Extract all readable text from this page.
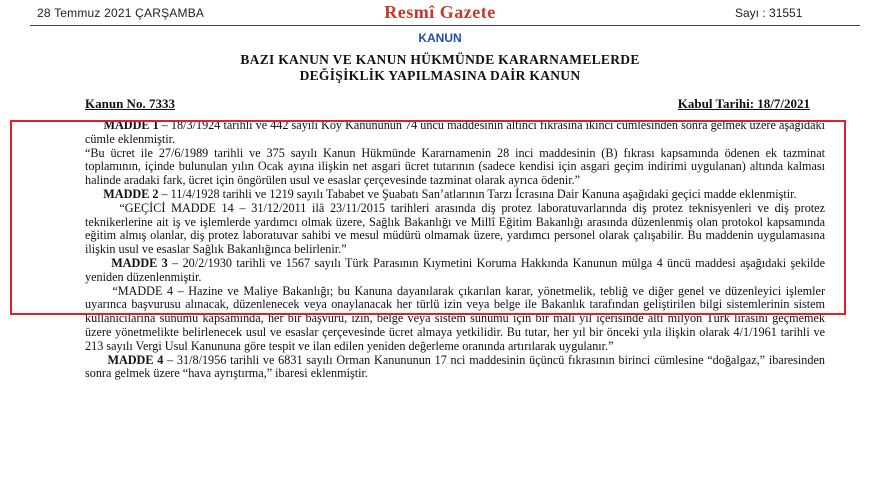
28 Temmuz 2021 ÇARŞAMBA	Resmî Gazete	Sayı : 31551
KANUN
BAZI KANUN VE KANUN HÜKMÜNDE KARARNAMELERDE
DEĞİŞİKLİK YAPILMASINA DAİR KANUN
Kanun No. 7333	Kabul Tarihi: 18/7/2021

MADDE 1 – 18/3/1924 tarihli ve 442 sayılı Köy Kanununun 74 üncü maddesinin altıncı fıkrasına ikinci cümlesinden sonra gelmek üzere aşağıdaki cümle eklenmiştir.

“Bu ücret ile 27/6/1989 tarihli ve 375 sayılı Kanun Hükmünde Kararnamenin 28 inci maddesinin (B) fıkrası kapsamında ödenen ek tazminat toplamının, içinde bulunulan yılın Ocak ayına ilişkin net asgari ücret tutarının (sadece kendisi için asgari geçim indirimi uygulanan) altında kalması halinde aradaki fark, ücret için öngörülen usul ve esaslar çerçevesinde tazminat olarak ayrıca ödenir.”

MADDE 2 – 11/4/1928 tarihli ve 1219 sayılı Tababet ve Şuabatı San’atlarının Tarzı İcrasına Dair Kanuna aşağıdaki geçici madde eklenmiştir.

“GEÇİCİ MADDE 14 – 31/12/2011 ilâ 23/11/2015 tarihleri arasında diş protez laboratuvarlarında diş protez teknisyenleri ve diş protez teknikerlerine ait iş ve işlemlerde yardımcı olmak üzere, Sağlık Bakanlığı ve Millî Eğitim Bakanlığı arasında düzenlenmiş olan protokol kapsamında eğitim almış olanlar, diş protez laboratuvar sahibi ve mesul müdürü olmamak üzere, yardımcı personel olarak çalışabilir. Bu maddenin uygulamasına ilişkin usul ve esaslar Sağlık Bakanlığınca belirlenir.”

MADDE 3 – 20/2/1930 tarihli ve 1567 sayılı Türk Parasının Kıymetini Koruma Hakkında Kanunun mülga 4 üncü maddesi aşağıdaki şekilde yeniden düzenlenmiştir.

“MADDE 4 – Hazine ve Maliye Bakanlığı; bu Kanuna dayanılarak çıkarılan karar, yönetmelik, tebliğ ve diğer genel ve düzenleyici işlemler uyarınca başvurusu alınacak, düzenlenecek veya onaylanacak her türlü izin veya belge ile Bakanlık tarafından geliştirilen bilgi sistemlerinin sistem kullanıcılarına sunumu kapsamında, her bir başvuru, izin, belge veya sistem sunumu için bir mali yıl içerisinde altı milyon Türk lirasını geçmemek üzere yönetmelikte belirlenecek usul ve esaslar çerçevesinde ücret almaya yetkilidir. Bu tutar, her yıl bir önceki yıla ilişkin olarak 4/1/1961 tarihli ve 213 sayılı Vergi Usul Kanununa göre tespit ve ilan edilen yeniden değerleme oranında artırılarak uygulanır.”

MADDE 4 – 31/8/1956 tarihli ve 6831 sayılı Orman Kanununun 17 nci maddesinin üçüncü fıkrasının birinci cümlesine “doğalgaz,” ibaresinden sonra gelmek üzere “hava ayrıştırma,” ibaresi eklenmiştir.
